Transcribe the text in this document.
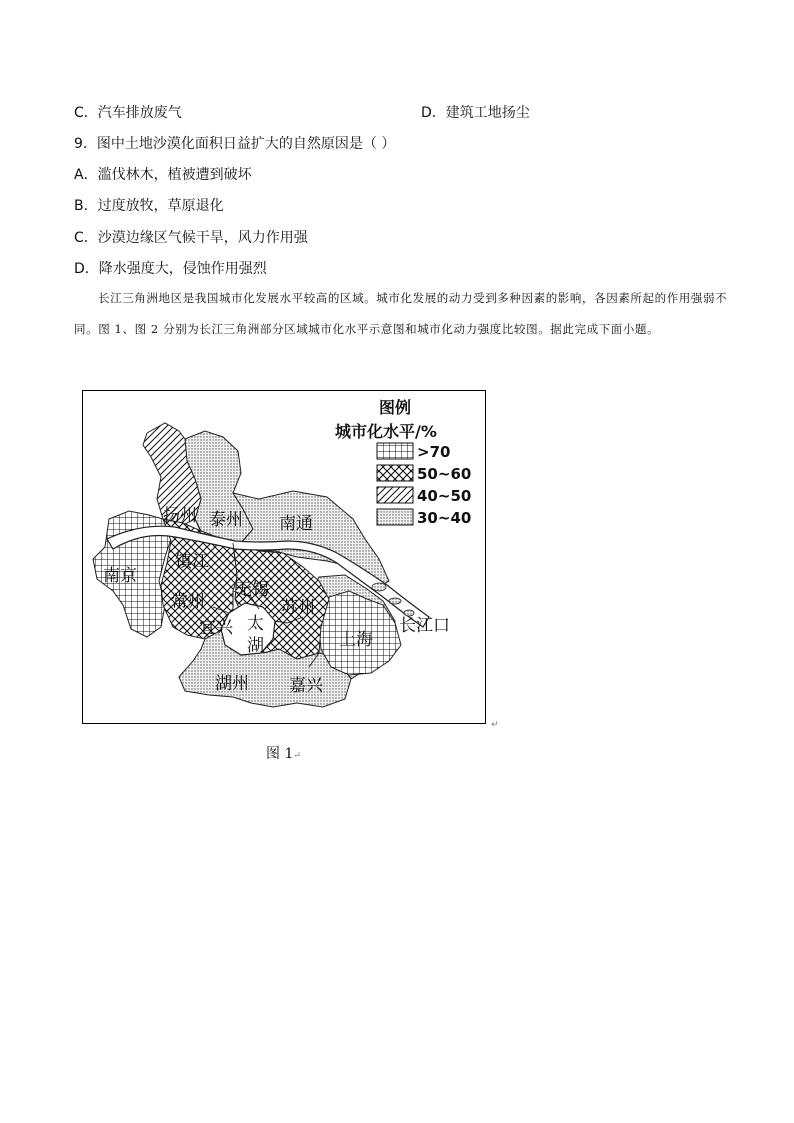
C．汽车排放废气	D．建筑工地扬尘
9．图中土地沙漠化面积日益扩大的自然原因是（ ）
A．滥伐林木，植被遭到破坏
B．过度放牧，草原退化
C．沙漠边缘区气候干旱，风力作用强
D．降水强度大，侵蚀作用强烈
长江三角洲地区是我国城市化发展水平较高的区域。城市化发展的动力受到多种因素的影响，各因素所起的作用强弱不同。图 1、图 2 分别为长江三角洲部分区域城市化水平示意图和城市化动力强度比较图。据此完成下面小题。
图例
城市化水平/%
>70
50~60
40~50
30~40
扬州 泰州 南通
南京
镇江
常州
无锡
苏州
宜兴 太
湖	上海
长江口
湖州 嘉兴
↵
图 1↵
